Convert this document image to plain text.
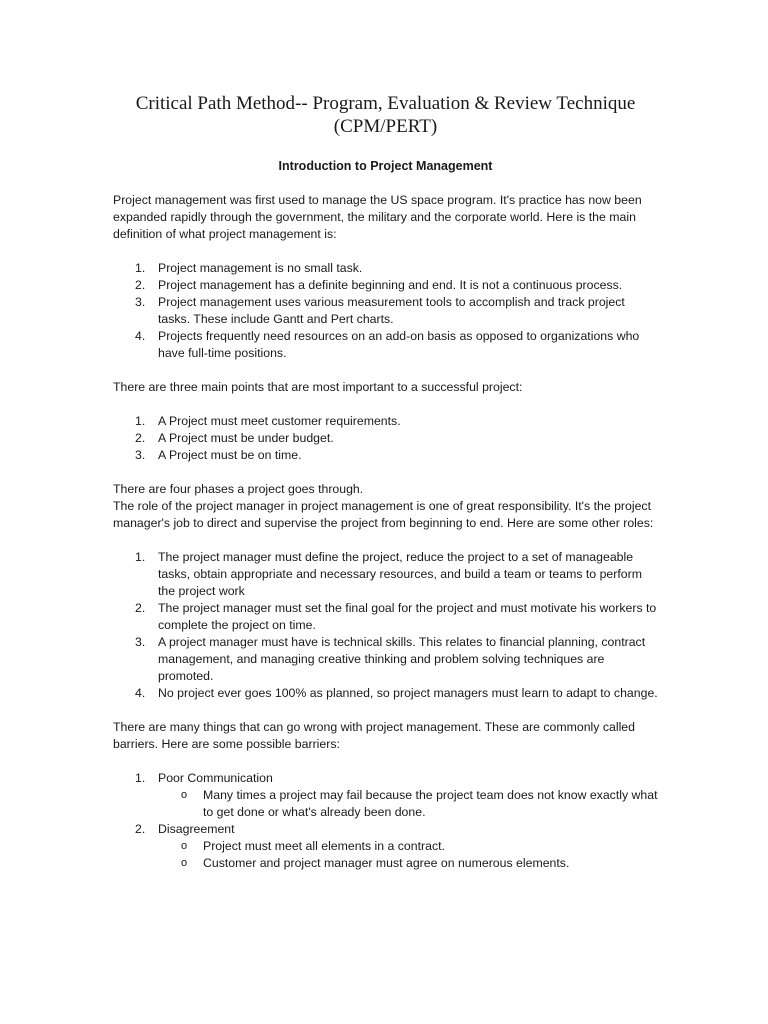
Critical Path Method-- Program, Evaluation & Review Technique
(CPM/PERT)

Introduction to Project Management

Project management was first used to manage the US space program. It's practice has now been expanded rapidly through the government, the military and the corporate world. Here is the main definition of what project management is:

1. Project management is no small task.
2. Project management has a definite beginning and end. It is not a continuous process.
3. Project management uses various measurement tools to accomplish and track project tasks. These include Gantt and Pert charts.
4. Projects frequently need resources on an add-on basis as opposed to organizations who have full-time positions.

There are three main points that are most important to a successful project:

1. A Project must meet customer requirements.
2. A Project must be under budget.
3. A Project must be on time.

There are four phases a project goes through.

The role of the project manager in project management is one of great responsibility. It's the project manager's job to direct and supervise the project from beginning to end. Here are some other roles:

1. The project manager must define the project, reduce the project to a set of manageable tasks, obtain appropriate and necessary resources, and build a team or teams to perform the project work
2. The project manager must set the final goal for the project and must motivate his workers to complete the project on time.
3. A project manager must have is technical skills. This relates to financial planning, contract management, and managing creative thinking and problem solving techniques are promoted.
4. No project ever goes 100% as planned, so project managers must learn to adapt to change.

There are many things that can go wrong with project management. These are commonly called barriers. Here are some possible barriers:

1. Poor Communication
o Many times a project may fail because the project team does not know exactly what to get done or what's already been done.
2. Disagreement
o Project must meet all elements in a contract.
o Customer and project manager must agree on numerous elements.
